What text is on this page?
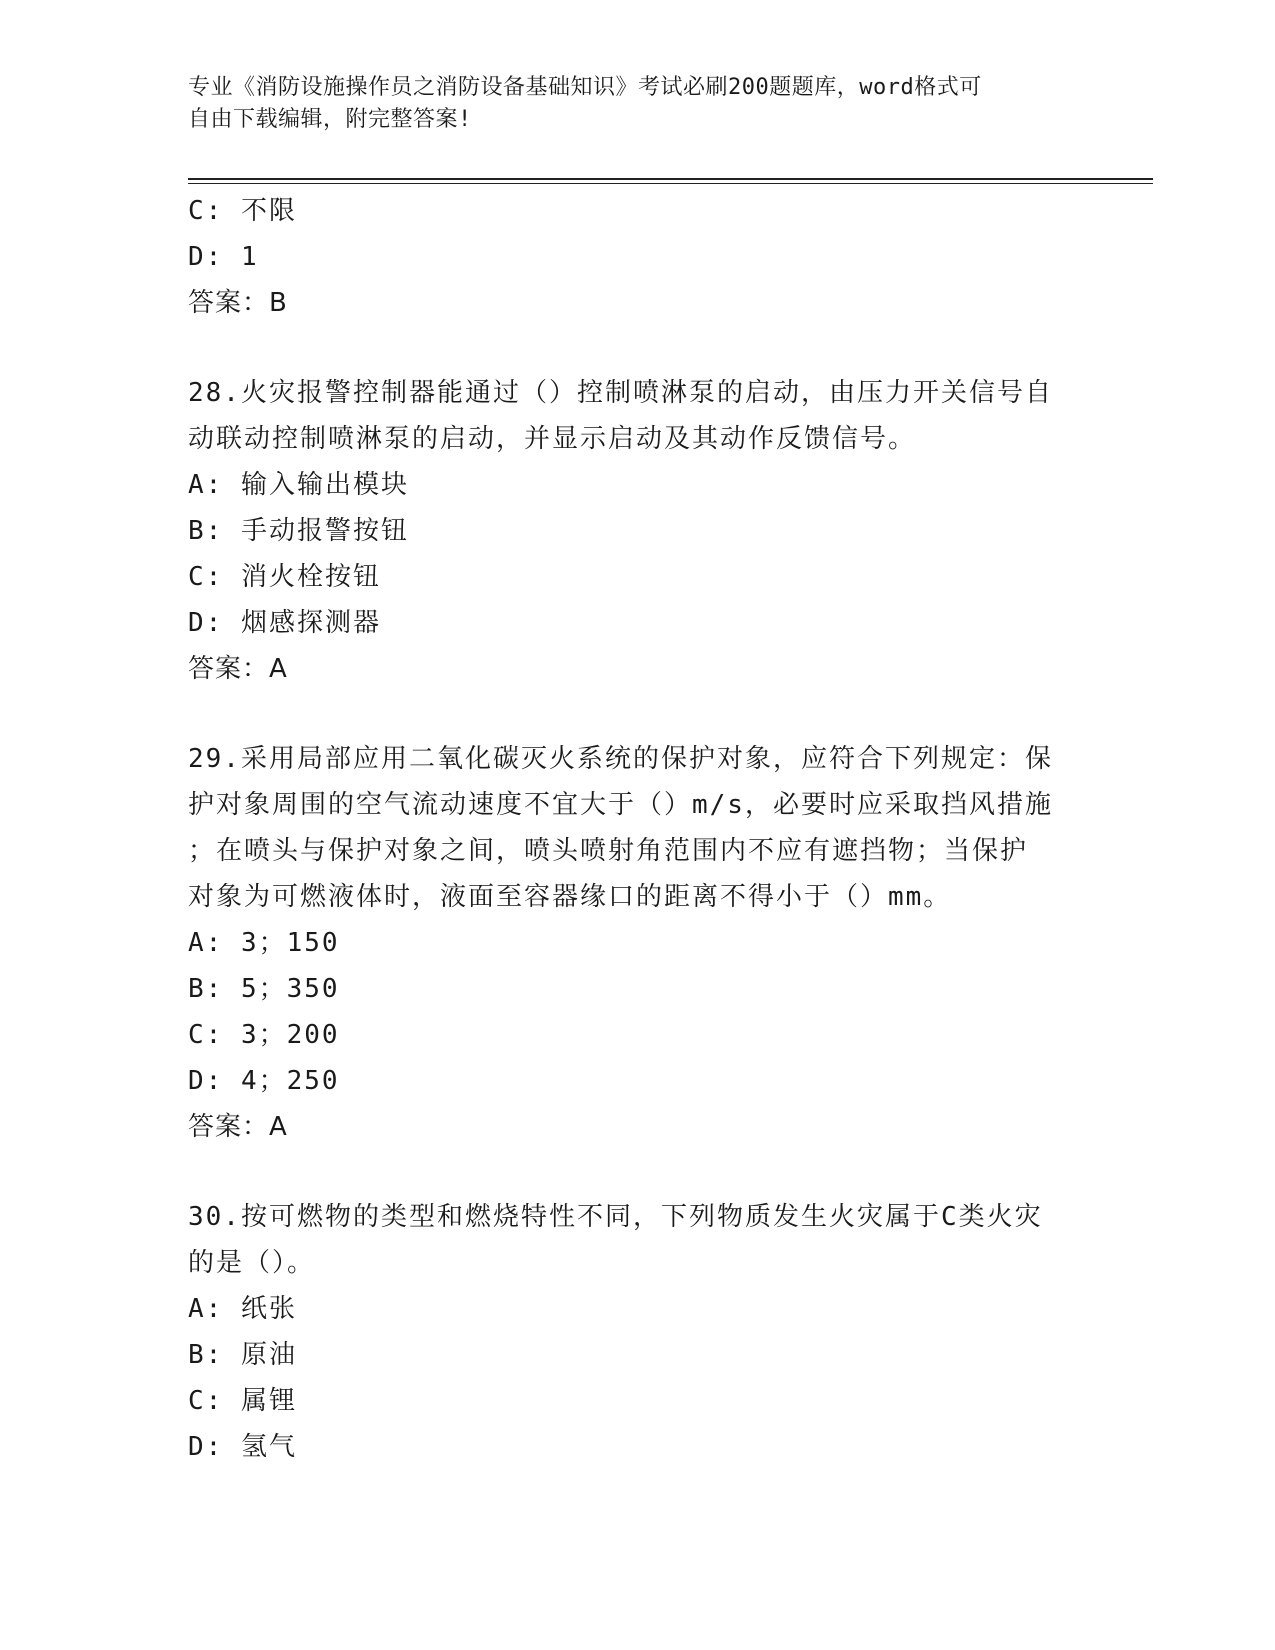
专业《消防设施操作员之消防设备基础知识》考试必刷200题题库，word格式可
自由下载编辑，附完整答案!
C: 不限
D: 1
答案：B
28.火灾报警控制器能通过（）控制喷淋泵的启动，由压力开关信号自
动联动控制喷淋泵的启动，并显示启动及其动作反馈信号。
A: 输入输出模块
B: 手动报警按钮
C: 消火栓按钮
D: 烟感探测器
答案：A
29.采用局部应用二氧化碳灭火系统的保护对象，应符合下列规定：保
护对象周围的空气流动速度不宜大于（）m/s，必要时应采取挡风措施
；在喷头与保护对象之间，喷头喷射角范围内不应有遮挡物；当保护
对象为可燃液体时，液面至容器缘口的距离不得小于（）mm。
A: 3；150
B: 5；350
C: 3；200
D: 4；250
答案：A
30.按可燃物的类型和燃烧特性不同，下列物质发生火灾属于C类火灾
的是（）。
A: 纸张
B: 原油
C: 属锂
D: 氢气
